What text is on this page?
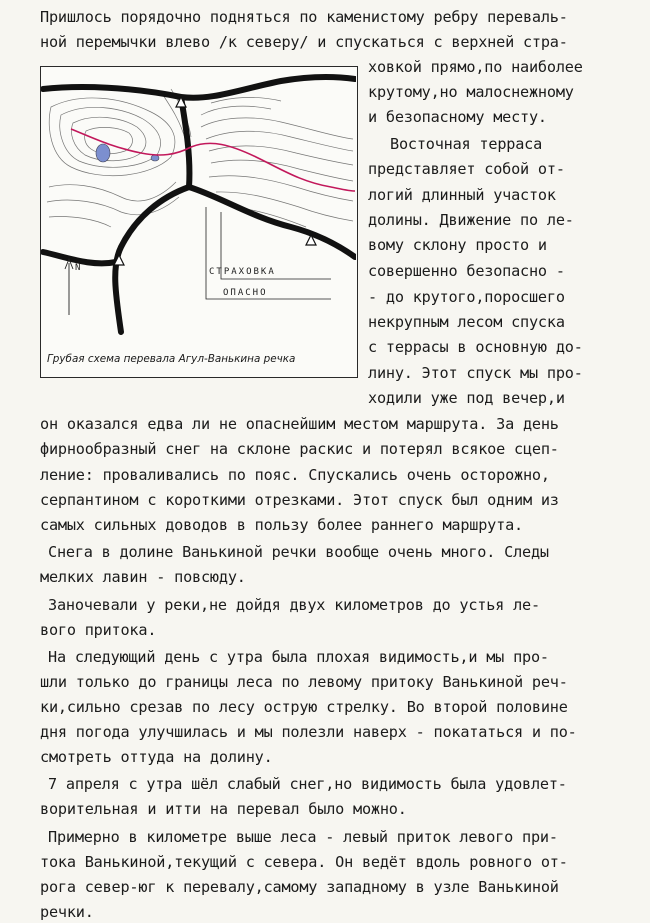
Пришлось порядочно подняться по каменистому ребру переваль-
ной перемычки влево /к северу/ и спускаться с верхней стра-
N	СТРАХОВКА
ОПАСНО
Грубая схема перевала Агул-Ванькина речка
ховкой прямо,по наиболее
крутому,но малоснежному
и безопасному месту.
Восточная терраса
представляет собой от-
логий длинный участок
долины. Движение по ле-
вому склону просто и
совершенно безопасно -
- до крутого,поросшего
некрупным лесом спуска
с террасы в основную до-
лину. Этот спуск мы про-
ходили уже под вечер,и
он оказался едва ли не опаснейшим местом маршрута. За день
фирнообразный снег на склоне раскис и потерял всякое сцеп-
ление: проваливались по пояс. Спускались очень осторожно,
серпантином с короткими отрезками. Этот спуск был одним из
самых сильных доводов в пользу более раннего маршрута.
Снега в долине Ванькиной речки вообще очень много. Следы
мелких лавин - повсюду.
Заночевали у реки,не дойдя двух километров до устья ле-
вого притока.
На следующий день с утра была плохая видимость,и мы про-
шли только до границы леса по левому притоку Ванькиной реч-
ки,сильно срезав по лесу острую стрелку. Во второй половине
дня погода улучшилась и мы полезли наверх - покататься и по-
смотреть оттуда на долину.
7 апреля с утра шёл слабый снег,но видимость была удовлет-
ворительная и итти на перевал было можно.
Примерно в километре выше леса - левый приток левого при-
тока Ванькиной,текущий с севера. Он ведёт вдоль ровного от-
рога север-юг к перевалу,самому западному в узле Ванькиной
речки.
